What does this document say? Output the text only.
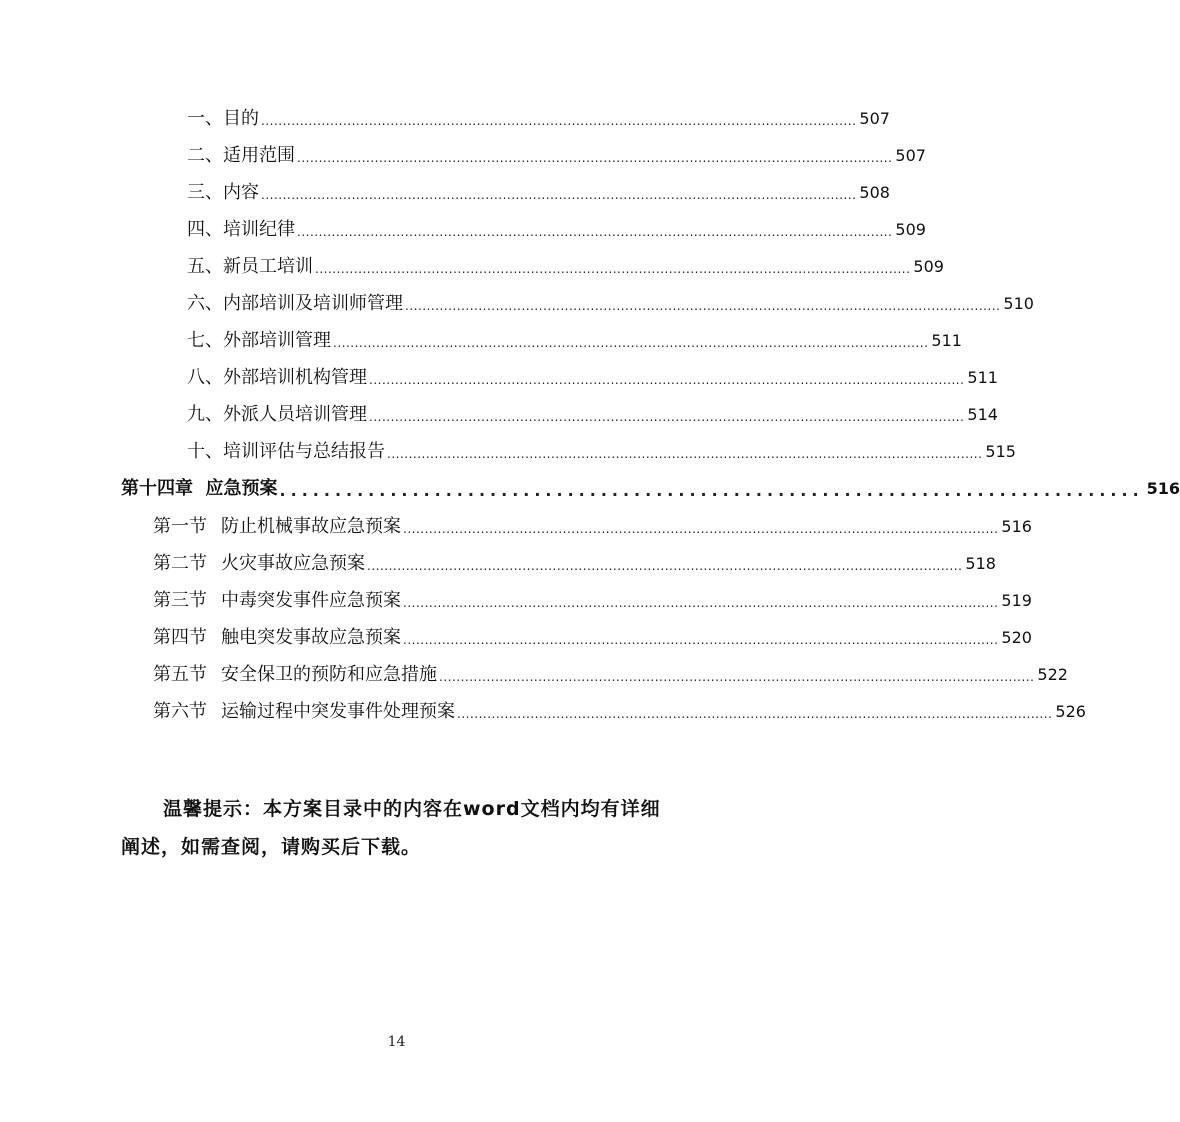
一、目的 .......................................................................................................................................... 507
二、适用范围 .......................................................................................................................................... 507
三、内容 .......................................................................................................................................... 508
四、培训纪律 .......................................................................................................................................... 509
五、新员工培训 .......................................................................................................................................... 509
六、内部培训及培训师管理 .......................................................................................................................................... 510
七、外部培训管理 .......................................................................................................................................... 511
八、外部培训机构管理 .......................................................................................................................................... 511
九、外派人员培训管理 .......................................................................................................................................... 514
十、培训评估与总结报告 .......................................................................................................................................... 515
第十四章 应急预案 .............................................................................. 516
第一节 防止机械事故应急预案 .......................................................................................................................................... 516
第二节 火灾事故应急预案 .......................................................................................................................................... 518
第三节 中毒突发事件应急预案 .......................................................................................................................................... 519
第四节 触电突发事故应急预案 .......................................................................................................................................... 520
第五节 安全保卫的预防和应急措施 .......................................................................................................................................... 522
第六节 运输过程中突发事件处理预案 .......................................................................................................................................... 526

温馨提示：本方案目录中的内容在word文档内均有详细阐述，如需查阅，请购买后下载。

14
